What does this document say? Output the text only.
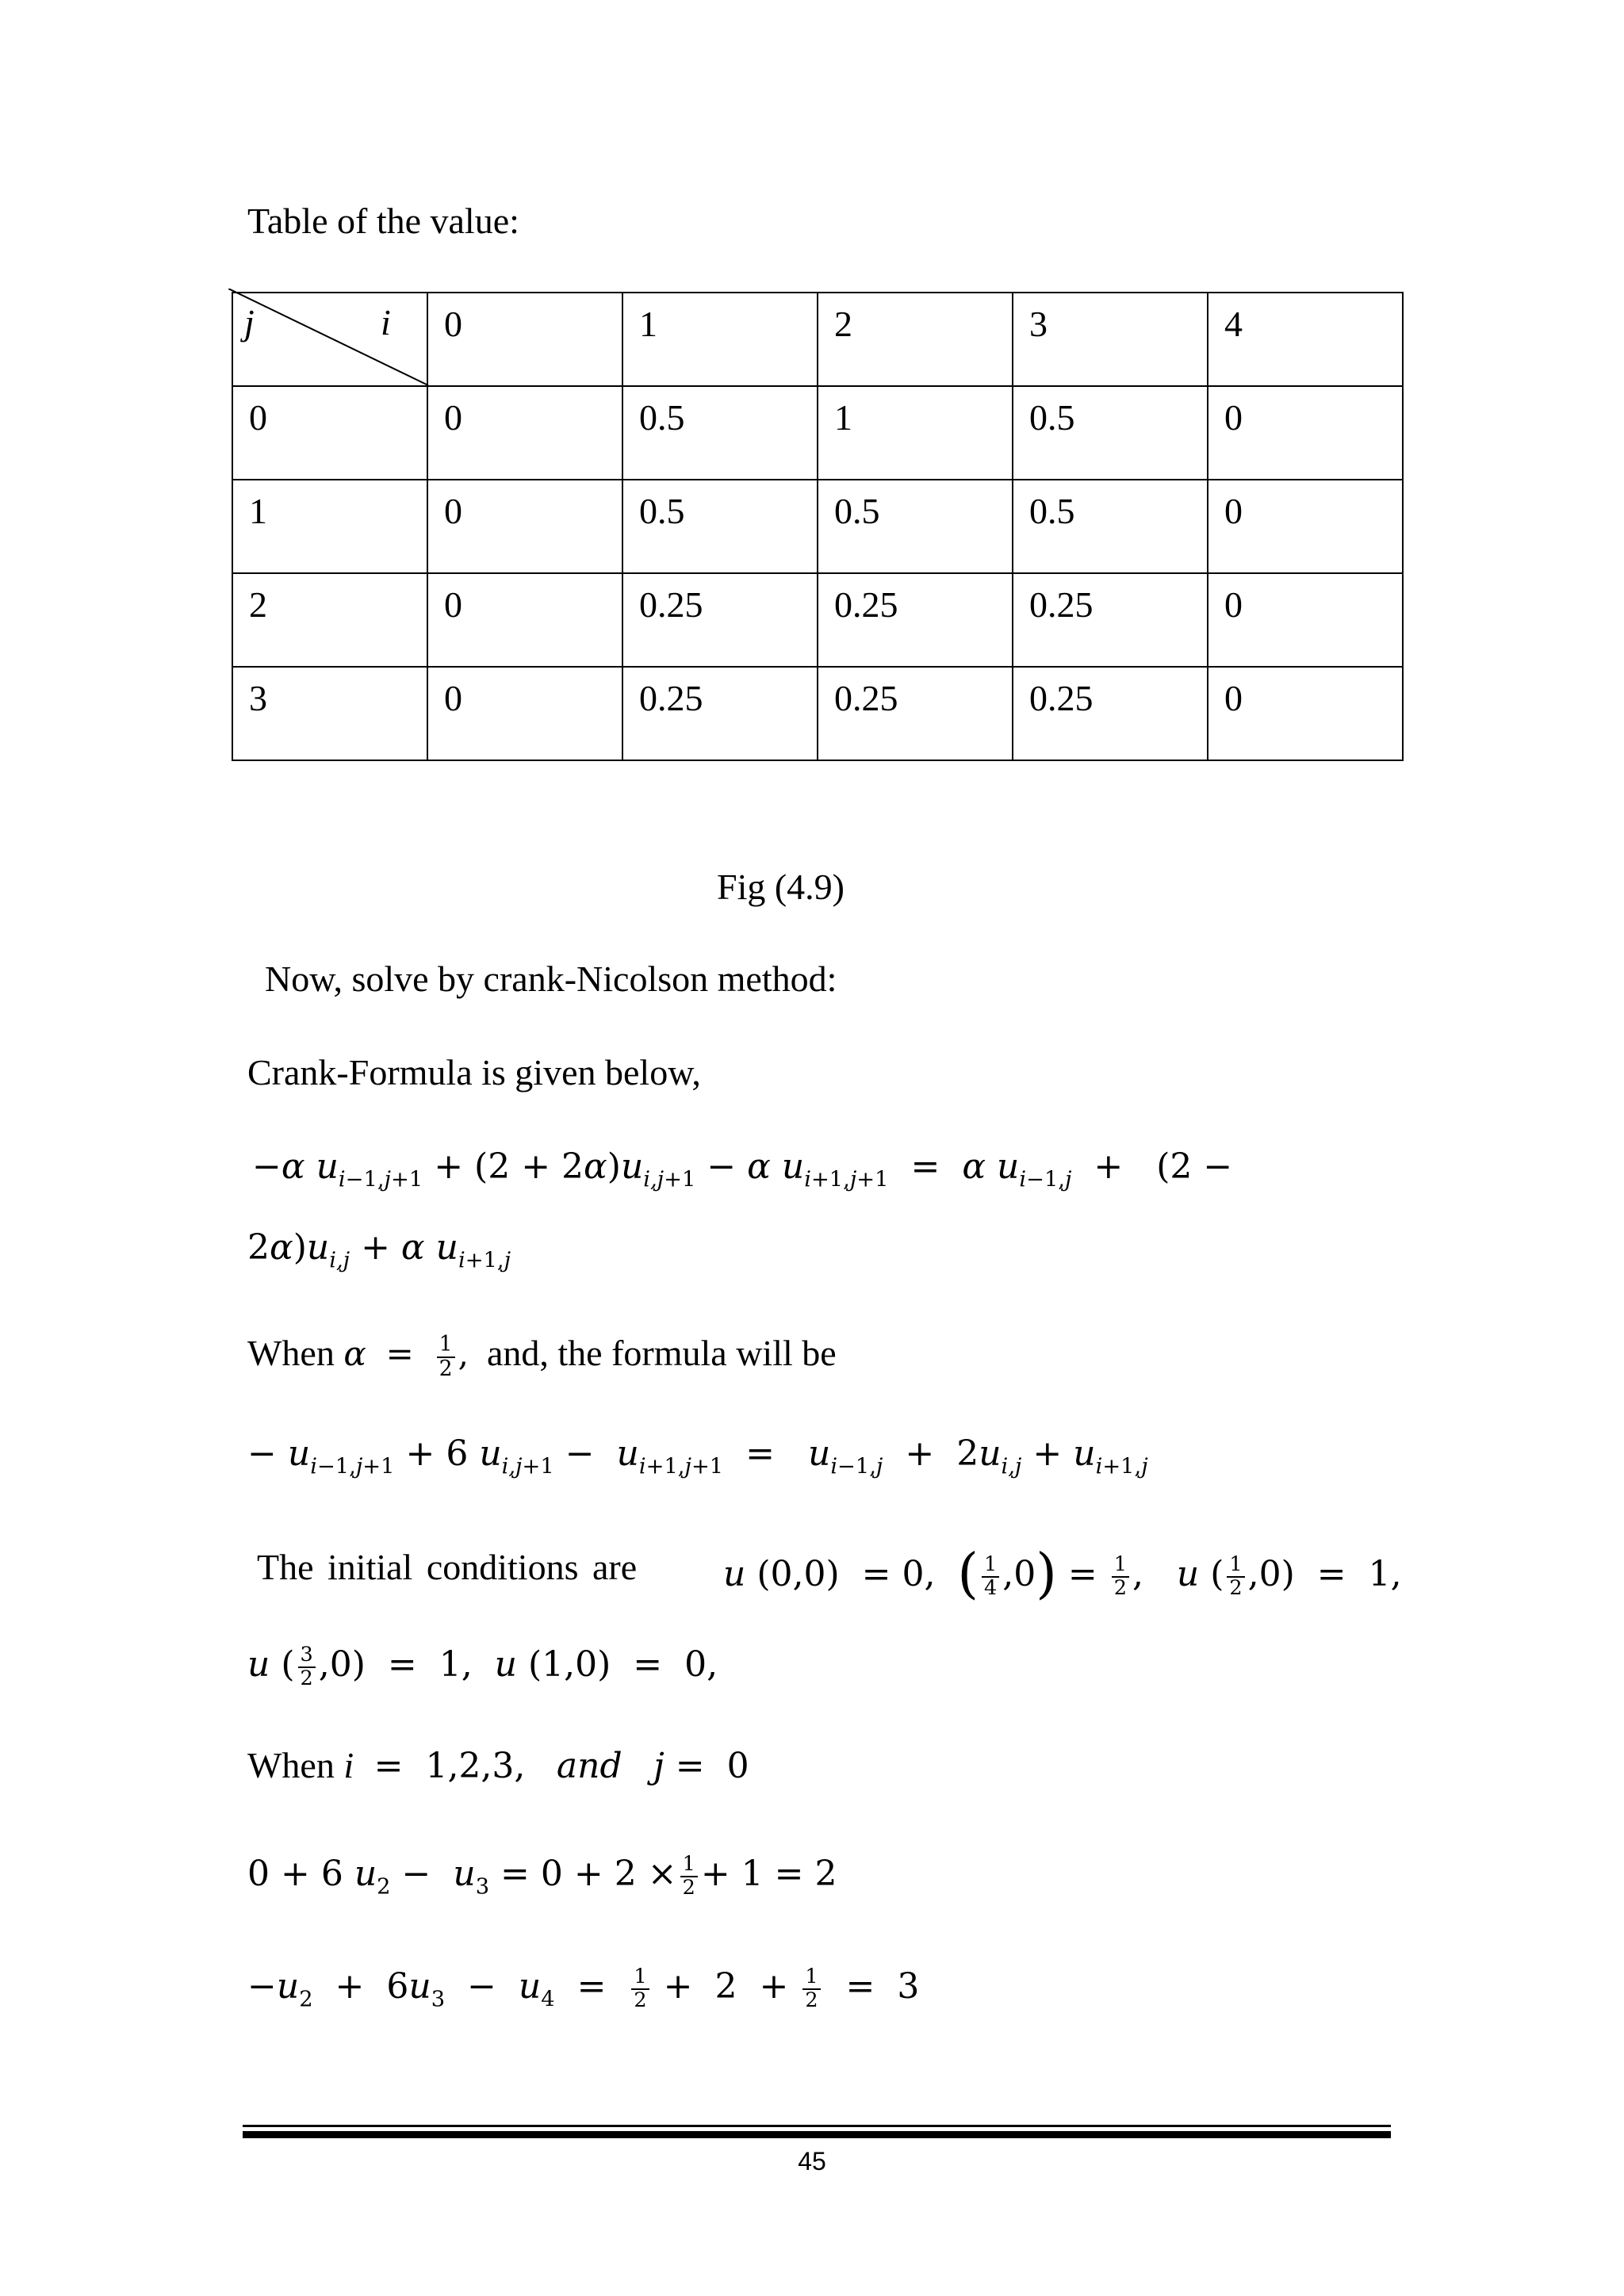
Table of the value:
j i	0	1	2	3	4

0	0	0.5	1	0.5	0

1	0	0.5	0.5	0.5	0

2	0	0.25	0.25	0.25	0

3	0	0.25	0.25	0.25	0
Fig (4.9)
Now, solve by crank-Nicolson method:
Crank-Formula is given below,
−α $u_{i-1,j+1} + (2 + 2\alpha)u_{i,j+1} - \alpha$ $u_{i+1,j+1} = \alpha$ $u_{i-1,j} + (2$ −
$2\alpha)u_{i,j} + \alpha$ $u_{i+1,j}$
When $\alpha = \frac{1}{2}$ , and, the formula will be
− $u_{i-1,j+1} + 6$ $u_{i,j+1} - u_{i+1,j+1} = u_{i-1,j} + 2u_{i,j} + u_{i+1,j}$
The initial conditions are u (0,0)  = 0,  ( $\frac{1}{4} ,0) = \frac{1}{2}$ ,   u ( $\frac{1}{2} ,0) = 1$,
u ( $\frac{3}{2} ,0) = 1$,  u (1,0)  =  0,
When i  =  1,2,3, and   j =  0
0 + 6 $u_2 - u_3 = 0 + 2 \times \frac{1}{2} + 1 = 2$
$-u_2 + 6u_3 - u_4 = \frac{1}{2} + 2 + \frac{1}{2} = 3$
45
